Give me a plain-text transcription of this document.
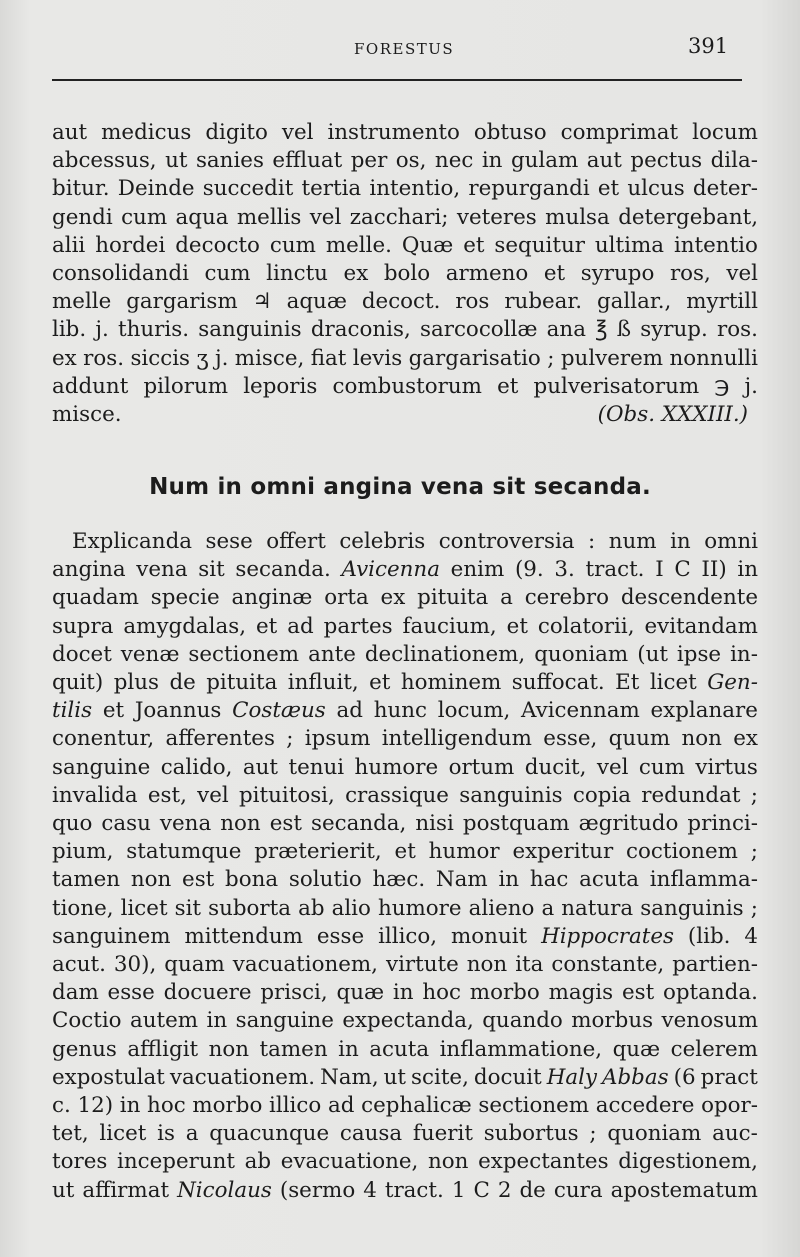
FORESTUS	391
aut medicus digito vel instrumento obtuso comprimat locum
abcessus, ut sanies effluat per os, nec in gulam aut pectus dila-
bitur. Deinde succedit tertia intentio, repurgandi et ulcus deter-
gendi cum aqua mellis vel zacchari; veteres mulsa detergebant,
alii hordei decocto cum melle. Quæ et sequitur ultima intentio
consolidandi cum linctu ex bolo armeno et syrupo ros, vel
melle gargarism ♃ aquæ decoct. ros rubear. gallar., myrtill
lib. j. thuris. sanguinis draconis, sarcocollæ ana ℥ ß syrup. ros.
ex ros. siccis ʒ j. misce, fiat levis gargarisatio ; pulverem nonnulli
addunt pilorum leporis combustorum et pulverisatorum ℈ j.
misce.	(Obs. XXXIII.)
Num in omni angina vena sit secanda.
Explicanda sese offert celebris controversia : num in omni
angina vena sit secanda. Avicenna enim (9. 3. tract. I C II) in
quadam specie anginæ orta ex pituita a cerebro descendente
supra amygdalas, et ad partes faucium, et colatorii, evitandam
docet venæ sectionem ante declinationem, quoniam (ut ipse in-
quit) plus de pituita influit, et hominem suffocat. Et licet Gen-
tilis et Joannus Costæus ad hunc locum, Avicennam explanare
conentur, afferentes ; ipsum intelligendum esse, quum non ex
sanguine calido, aut tenui humore ortum ducit, vel cum virtus
invalida est, vel pituitosi, crassique sanguinis copia redundat ;
quo casu vena non est secanda, nisi postquam ægritudo princi-
pium, statumque præterierit, et humor experitur coctionem ;
tamen non est bona solutio hæc. Nam in hac acuta inflamma-
tione, licet sit suborta ab alio humore alieno a natura sanguinis ;
sanguinem mittendum esse illico, monuit Hippocrates (lib. 4
acut. 30), quam vacuationem, virtute non ita constante, partien-
dam esse docuere prisci, quæ in hoc morbo magis est optanda.
Coctio autem in sanguine expectanda, quando morbus venosum
genus affligit non tamen in acuta inflammatione, quæ celerem
expostulat vacuationem. Nam, ut scite, docuit Haly Abbas (6 pract
c. 12) in hoc morbo illico ad cephalicæ sectionem accedere opor-
tet, licet is a quacunque causa fuerit subortus ; quoniam auc-
tores inceperunt ab evacuatione, non expectantes digestionem,
ut affirmat Nicolaus (sermo 4 tract. 1 C 2 de cura apostematum
